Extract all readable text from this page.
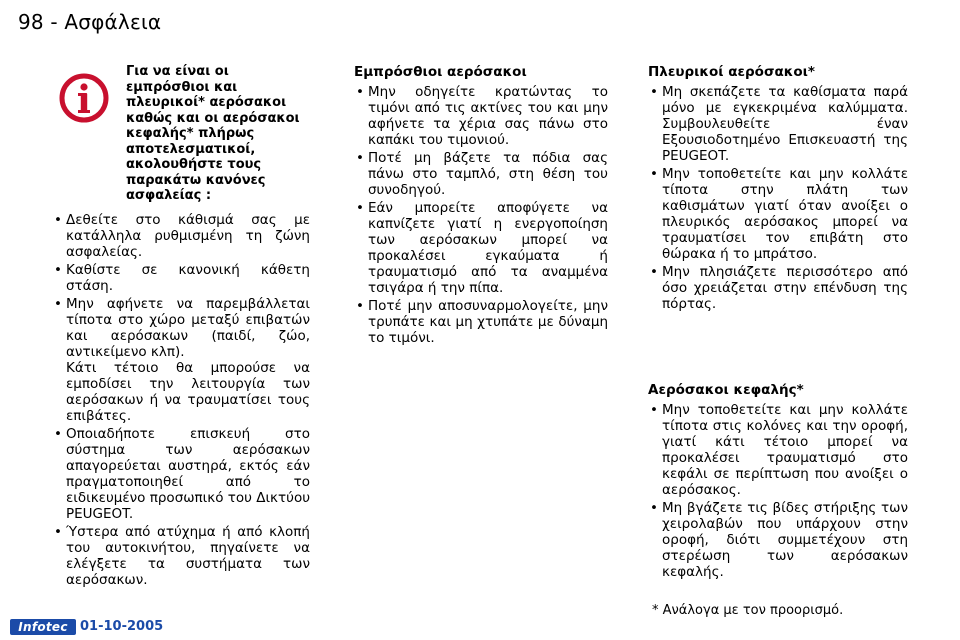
98 - Ασφάλεια
Για να είναι οι εμπρόσθιοι και πλευρικοί* αερόσακοι καθώς και οι αερόσακοι κεφαλής* πλήρως αποτελεσματικοί, ακολουθήστε τους παρακάτω κανόνες ασφαλείας :
• Δεθείτε στο κάθισμά σας με κατάλληλα ρυθμισμένη τη ζώνη ασφαλείας.
• Καθίστε σε κανονική κάθετη στάση.
• Μην αφήνετε να παρεμβάλλεται τίποτα στο χώρο μεταξύ επιβατών και αερόσακων (παιδί, ζώο, αντικείμενο κλπ).
Κάτι τέτοιο θα μπορούσε να εμποδίσει την λειτουργία των αερόσακων ή να τραυματίσει τους επιβάτες.
• Οποιαδήποτε επισκευή στο σύστημα των αερόσακων απαγορεύεται αυστηρά, εκτός εάν πραγματοποιηθεί από το ειδικευμένο προσωπικό του Δικτύου PEUGEOT.
• Ύστερα από ατύχημα ή από κλοπή του αυτοκινήτου, πηγαίνετε να ελέγξετε τα συστήματα των αερόσακων.
Εμπρόσθιοι αερόσακοι
• Μην οδηγείτε κρατώντας το τιμόνι από τις ακτίνες του και μην αφήνετε τα χέρια σας πάνω στο καπάκι του τιμονιού.
• Ποτέ μη βάζετε τα πόδια σας πάνω στο ταμπλό, στη θέση του συνοδηγού.
• Εάν μπορείτε αποφύγετε να καπνίζετε γιατί η ενεργοποίηση των αερόσακων μπορεί να προκαλέσει εγκαύματα ή τραυματισμό από τα αναμμένα τσιγάρα ή την πίπα.
• Ποτέ μην αποσυναρμολογείτε, μην τρυπάτε και μη χτυπάτε με δύναμη το τιμόνι.
Πλευρικοί αερόσακοι*
• Μη σκεπάζετε τα καθίσματα παρά μόνο με εγκεκριμένα καλύμματα. Συμβουλευθείτε έναν Εξουσιοδοτημένο Επισκευαστή της PEUGEOT.
• Μην τοποθετείτε και μην κολλάτε τίποτα στην πλάτη των καθισμάτων γιατί όταν ανοίξει ο πλευρικός αερόσακος μπορεί να τραυματίσει τον επιβάτη στο θώρακα ή το μπράτσο.
• Μην πλησιάζετε περισσότερο από όσο χρειάζεται στην επένδυση της πόρτας.
Αερόσακοι κεφαλής*
• Μην τοποθετείτε και μην κολλάτε τίποτα στις κολόνες και την οροφή, γιατί κάτι τέτοιο μπορεί να προκαλέσει τραυματισμό στο κεφάλι σε περίπτωση που ανοίξει ο αερόσακος.
• Μη βγάζετε τις βίδες στήριξης των χειρολαβών που υπάρχουν στην οροφή, διότι συμμετέχουν στη στερέωση των αερόσακων κεφαλής.
* Ανάλογα με τον προορισμό.
Infotec 01-10-2005
